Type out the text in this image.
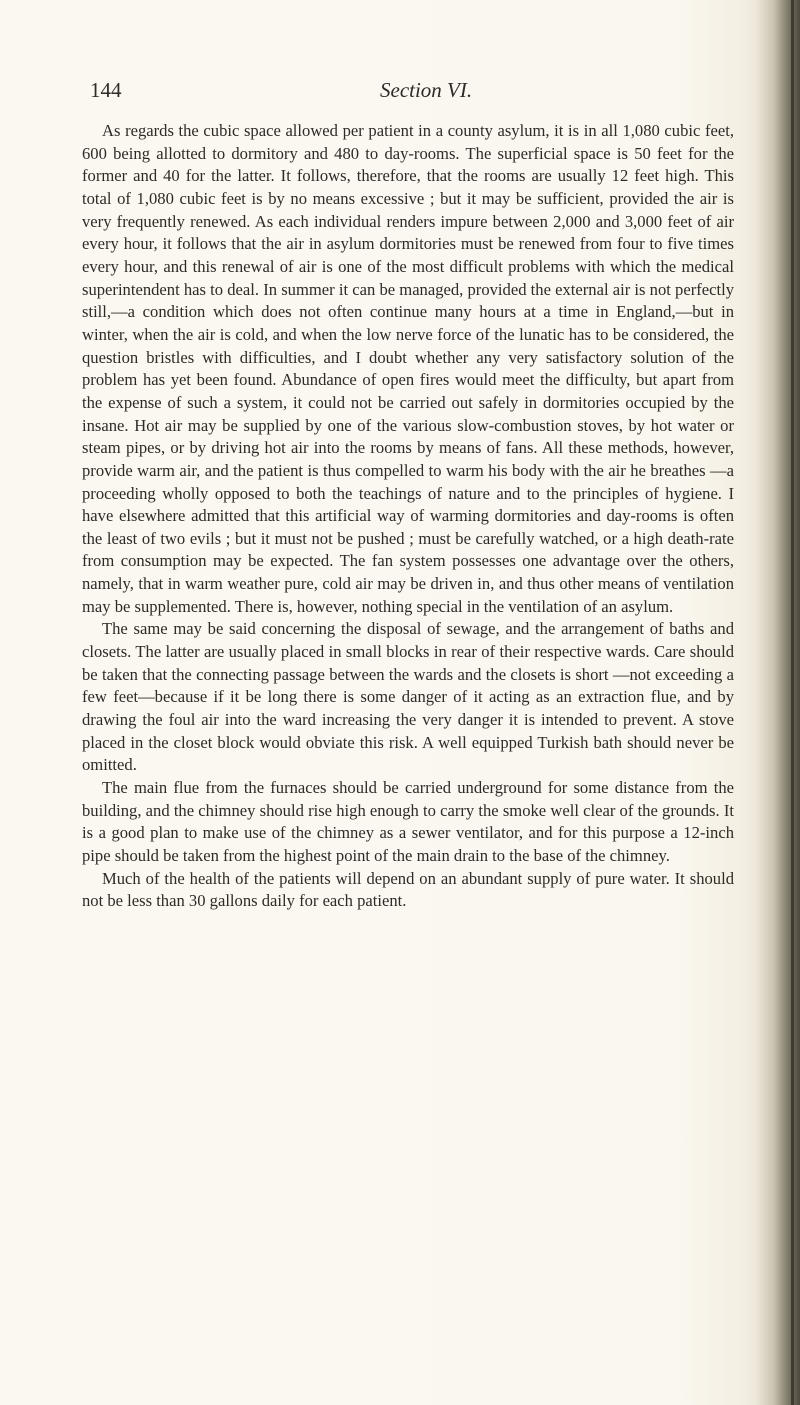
144	Section VI.

As regards the cubic space allowed per patient in a county asylum, it is in all 1,080 cubic feet, 600 being allotted to dormitory and 480 to day-rooms. The superficial space is 50 feet for the former and 40 for the latter. It follows, therefore, that the rooms are usually 12 feet high. This total of 1,080 cubic feet is by no means excessive ; but it may be sufficient, provided the air is very frequently renewed. As each individual renders impure between 2,000 and 3,000 feet of air every hour, it follows that the air in asylum dormitories must be renewed from four to five times every hour, and this renewal of air is one of the most difficult problems with which the medical superintendent has to deal. In summer it can be managed, provided the external air is not perfectly still,—a condition which does not often continue many hours at a time in England,—but in winter, when the air is cold, and when the low nerve force of the lunatic has to be considered, the question bristles with difficulties, and I doubt whether any very satisfactory solution of the problem has yet been found. Abundance of open fires would meet the difficulty, but apart from the expense of such a system, it could not be carried out safely in dormitories occupied by the insane. Hot air may be supplied by one of the various slow-combustion stoves, by hot water or steam pipes, or by driving hot air into the rooms by means of fans. All these methods, however, provide warm air, and the patient is thus compelled to warm his body with the air he breathes —a proceeding wholly opposed to both the teachings of nature and to the principles of hygiene. I have elsewhere admitted that this artificial way of warming dormitories and day-rooms is often the least of two evils ; but it must not be pushed ; must be carefully watched, or a high death-rate from consumption may be expected. The fan system possesses one advantage over the others, namely, that in warm weather pure, cold air may be driven in, and thus other means of ventilation may be supplemented. There is, however, nothing special in the ventilation of an asylum.

The same may be said concerning the disposal of sewage, and the arrangement of baths and closets. The latter are usually placed in small blocks in rear of their respective wards. Care should be taken that the connecting passage between the wards and the closets is short —not exceeding a few feet—because if it be long there is some danger of it acting as an extraction flue, and by drawing the foul air into the ward increasing the very danger it is intended to prevent. A stove placed in the closet block would obviate this risk. A well equipped Turkish bath should never be omitted.

The main flue from the furnaces should be carried underground for some distance from the building, and the chimney should rise high enough to carry the smoke well clear of the grounds. It is a good plan to make use of the chimney as a sewer ventilator, and for this purpose a 12-inch pipe should be taken from the highest point of the main drain to the base of the chimney.

Much of the health of the patients will depend on an abundant supply of pure water. It should not be less than 30 gallons daily for each patient.
